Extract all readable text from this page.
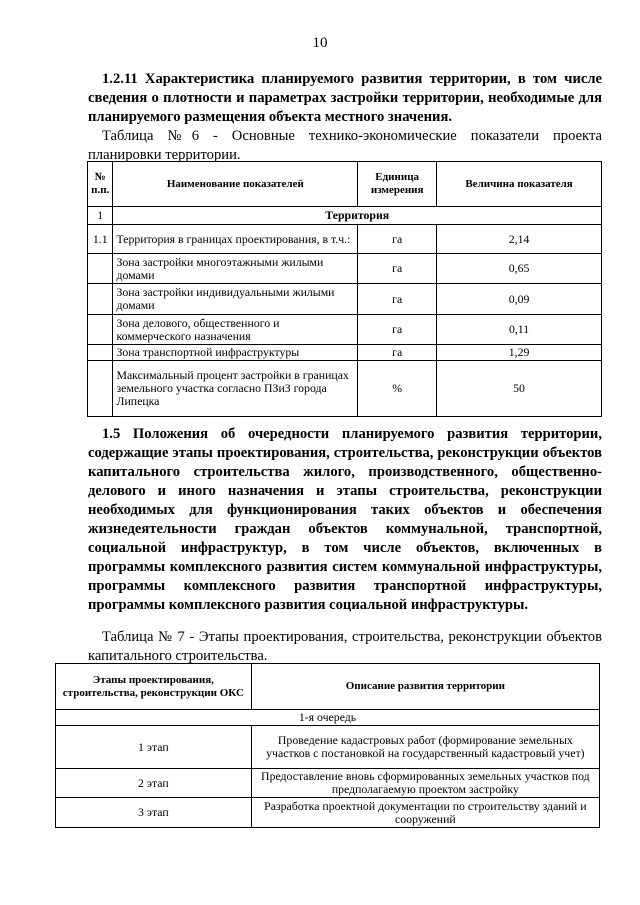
10
1.2.11 Характеристика планируемого развития территории, в том числе сведения о плотности и параметрах застройки территории, необходимые для планируемого размещения объекта местного значения.
Таблица №6 - Основные технико-экономические показатели проекта планировки территории.
№ п.п.	Наименование показателей	Единица измерения	Величина показателя
1	Территория		
1.1	Территория в границах проектирования, в т.ч.:	га	2,14
	Зона застройки многоэтажными жилыми домами	га	0,65
	Зона застройки индивидуальными жилыми домами	га	0,09
	Зона делового, общественного и коммерческого назначения	га	0,11
	Зона транспортной инфраструктуры	га	1,29
	Максимальный процент застройки в границах земельного участка согласно ПЗиЗ города Липецка	%	50
1.5 Положения об очередности планируемого развития территории, содержащие этапы проектирования, строительства, реконструкции объектов капитального строительства жилого, производственного, общественно-делового и иного назначения и этапы строительства, реконструкции необходимых для функционирования таких объектов и обеспечения жизнедеятельности граждан объектов коммунальной, транспортной, социальной инфраструктур, в том числе объектов, включенных в программы комплексного развития систем коммунальной инфраструктуры, программы комплексного развития транспортной инфраструктуры, программы комплексного развития социальной инфраструктуры.
Таблица № 7 - Этапы проектирования, строительства, реконструкции объектов капитального строительства.
Этапы проектирования, строительства, реконструкции ОКС	Описание развития территории
1-я очередь	
1 этап	Проведение кадастровых работ (формирование земельных участков с постановкой на государственный кадастровый учет)
2 этап	Предоставление вновь сформированных земельных участков под предполагаемую проектом застройку
3 этап	Разработка проектной документации по строительству зданий и сооружений
